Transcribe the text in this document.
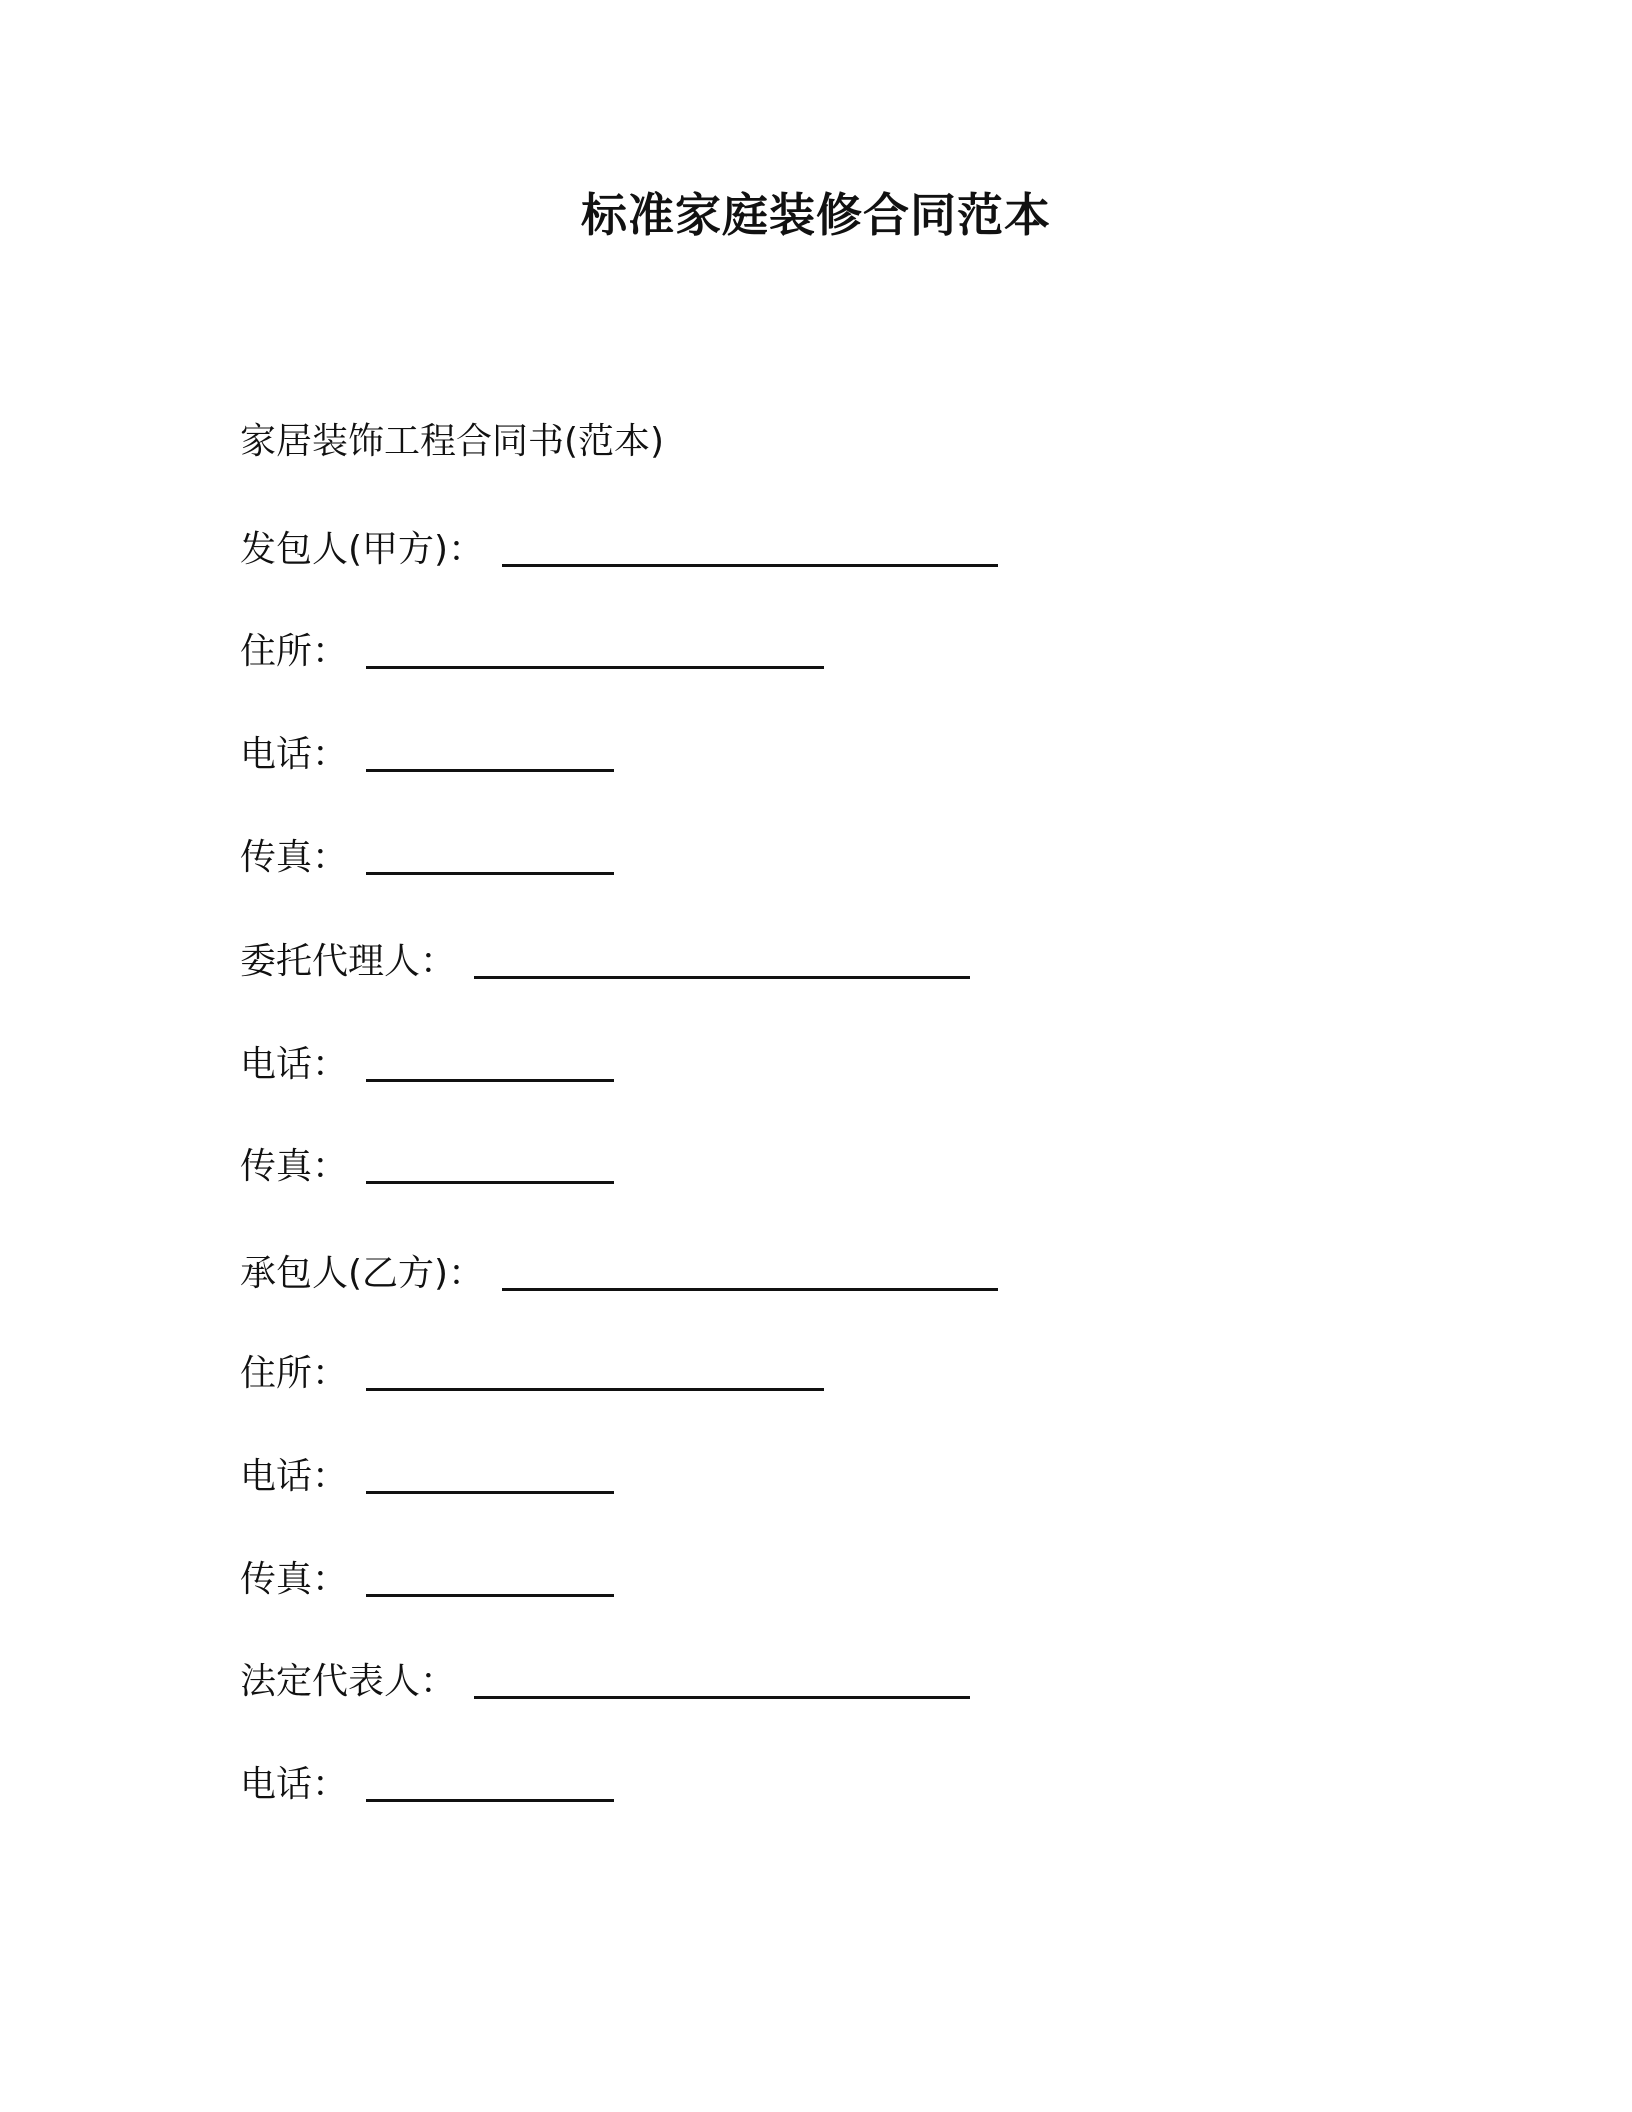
标准家庭装修合同范本
家居装饰工程合同书(范本)
发包人(甲方)：
住所：
电话：
传真：
委托代理人：
电话：
传真：
承包人(乙方)：
住所：
电话：
传真：
法定代表人：
电话：
